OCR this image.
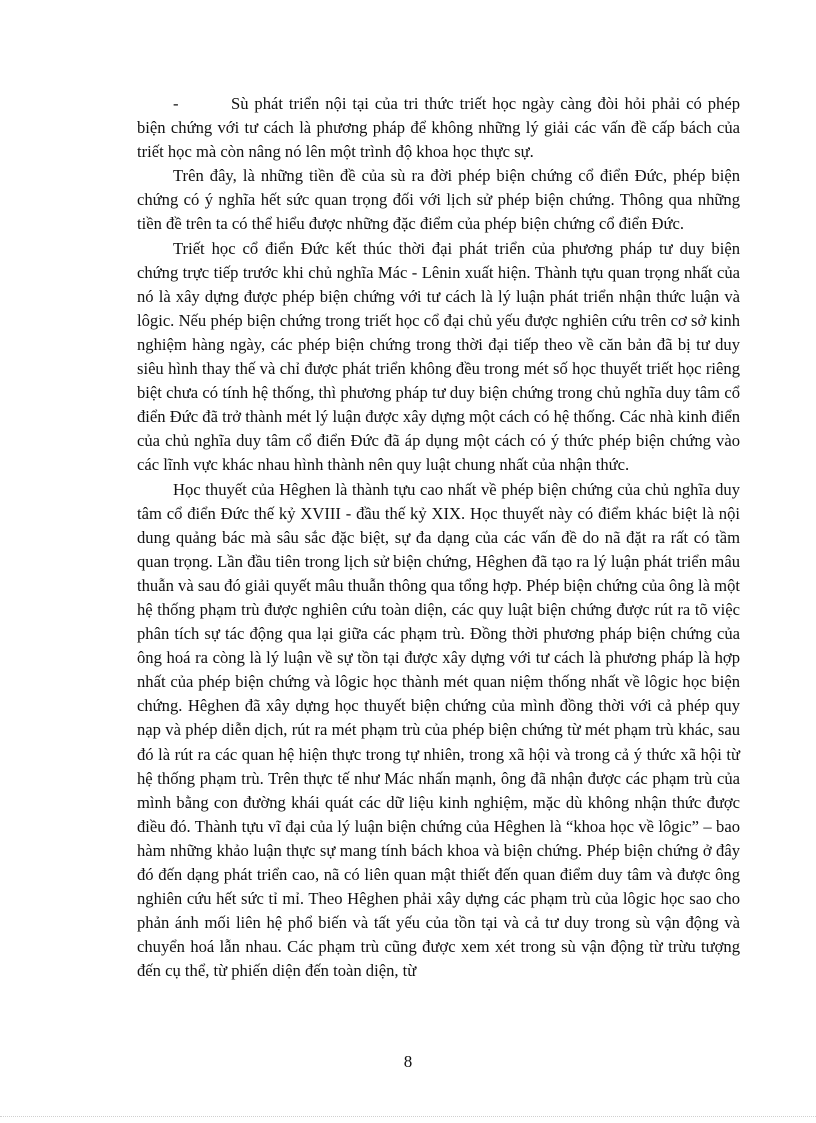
-	Sù phát triển nội tại của tri thức triết học ngày càng đòi hỏi phải có phép biện chứng với tư cách là phương pháp để không những lý giải các vấn đề cấp bách của triết học mà còn nâng nó lên một trình độ khoa học thực sự.

Trên đây, là những tiền đề của sù ra đời phép biện chứng cổ điển Đức, phép biện chứng có ý nghĩa hết sức quan trọng đối với lịch sử phép biện chứng. Thông qua những tiền đề trên ta có thể hiểu được những đặc điểm của phép biện chứng cổ điển Đức.

Triết học cổ điển Đức kết thúc thời đại phát triển của phương pháp tư duy biện chứng trực tiếp trước khi chủ nghĩa Mác - Lênin xuất hiện. Thành tựu quan trọng nhất của nó là xây dựng được phép biện chứng với tư cách là lý luận phát triển nhận thức luận và lôgic. Nếu phép biện chứng trong triết học cổ đại chủ yếu được nghiên cứu trên cơ sở kinh nghiệm hàng ngày, các phép biện chứng trong thời đại tiếp theo về căn bản đã bị tư duy siêu hình thay thế và chỉ được phát triển không đều trong mét số học thuyết triết học riêng biệt chưa có tính hệ thống, thì phương pháp tư duy biện chứng trong chủ nghĩa duy tâm cổ điển Đức đã trở thành mét lý luận được xây dựng một cách có hệ thống. Các nhà kinh điển của chủ nghĩa duy tâm cổ điển Đức đã áp dụng một cách có ý thức phép biện chứng vào các lĩnh vực khác nhau hình thành nên quy luật chung nhất của nhận thức.

Học thuyết của Hêghen là thành tựu cao nhất về phép biện chứng của chủ nghĩa duy tâm cổ điển Đức thế kỷ XVIII - đầu thế kỷ XIX. Học thuyết này có điểm khác biệt là nội dung quảng bác mà sâu sắc đặc biệt, sự đa dạng của các vấn đề do nã đặt ra rất có tầm quan trọng. Lần đầu tiên trong lịch sử biện chứng, Hêghen đã tạo ra lý luận phát triển mâu thuẫn và sau đó giải quyết mâu thuẫn thông qua tổng hợp. Phép biện chứng của ông là một hệ thống phạm trù được nghiên cứu toàn diện, các quy luật biện chứng được rút ra tõ việc phân tích sự tác động qua lại giữa các phạm trù. Đồng thời phương pháp biện chứng của ông hoá ra còng là lý luận về sự tồn tại được xây dựng với tư cách là phương pháp là hợp nhất của phép biện chứng và lôgic học thành mét quan niệm thống nhất về lôgic học biện chứng. Hêghen đã xây dựng học thuyết biện chứng của mình đồng thời với cả phép quy nạp và phép diễn dịch, rút ra mét phạm trù của phép biện chứng từ mét phạm trù khác, sau đó là rút ra các quan hệ hiện thực trong tự nhiên, trong xã hội và trong cả ý thức xã hội từ hệ thống phạm trù. Trên thực tế như Mác nhấn mạnh, ông đã nhận được các phạm trù của mình bằng con đường khái quát các dữ liệu kinh nghiệm, mặc dù không nhận thức được điều đó. Thành tựu vĩ đại của lý luận biện chứng của Hêghen là “khoa học về lôgic” – bao hàm những khảo luận thực sự mang tính bách khoa và biện chứng. Phép biện chứng ở đây đó đến dạng phát triển cao, nã có liên quan mật thiết đến quan điểm duy tâm và được ông nghiên cứu hết sức tỉ mỉ. Theo Hêghen phải xây dựng các phạm trù của lôgic học sao cho phản ánh mối liên hệ phổ biến và tất yếu của tồn tại và cả tư duy trong sù vận động và chuyển hoá lẫn nhau. Các phạm trù cũng được xem xét trong sù vận động từ trừu tượng đến cụ thể, từ phiến diện đến toàn diện, từ

8
